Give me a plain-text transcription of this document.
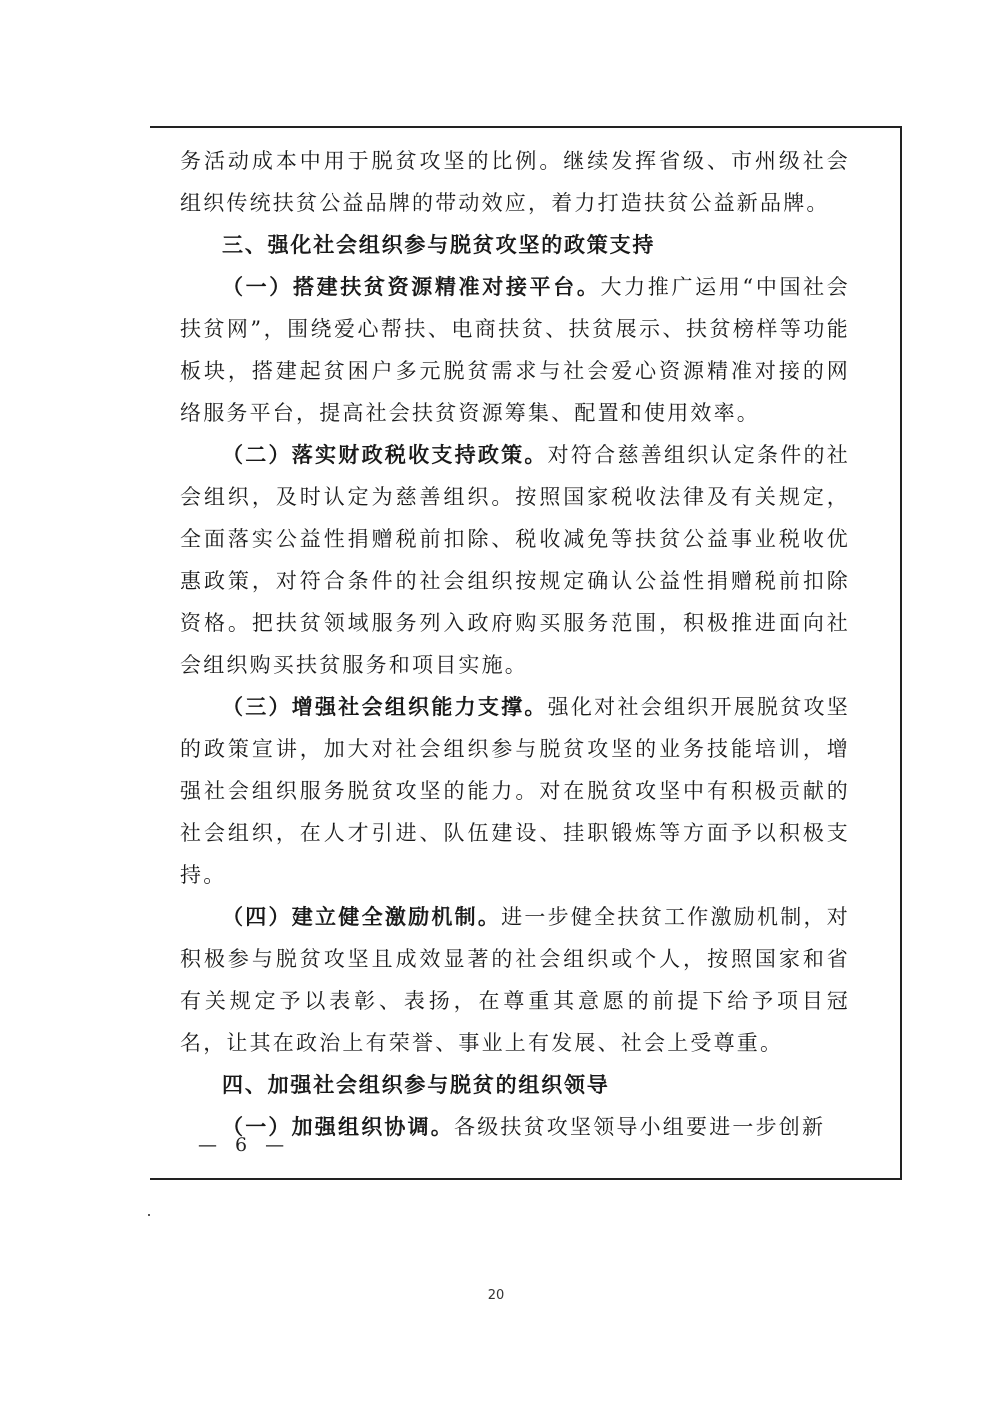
务活动成本中用于脱贫攻坚的比例。继续发挥省级、市州级社会组织传统扶贫公益品牌的带动效应，着力打造扶贫公益新品牌。

三、强化社会组织参与脱贫攻坚的政策支持

（一）搭建扶贫资源精准对接平台。大力推广运用“中国社会扶贫网”，围绕爱心帮扶、电商扶贫、扶贫展示、扶贫榜样等功能板块，搭建起贫困户多元脱贫需求与社会爱心资源精准对接的网络服务平台，提高社会扶贫资源筹集、配置和使用效率。

（二）落实财政税收支持政策。对符合慈善组织认定条件的社会组织，及时认定为慈善组织。按照国家税收法律及有关规定，全面落实公益性捐赠税前扣除、税收减免等扶贫公益事业税收优惠政策，对符合条件的社会组织按规定确认公益性捐赠税前扣除资格。把扶贫领域服务列入政府购买服务范围，积极推进面向社会组织购买扶贫服务和项目实施。

（三）增强社会组织能力支撑。强化对社会组织开展脱贫攻坚的政策宣讲，加大对社会组织参与脱贫攻坚的业务技能培训，增强社会组织服务脱贫攻坚的能力。对在脱贫攻坚中有积极贡献的社会组织，在人才引进、队伍建设、挂职锻炼等方面予以积极支持。

（四）建立健全激励机制。进一步健全扶贫工作激励机制，对积极参与脱贫攻坚且成效显著的社会组织或个人，按照国家和省有关规定予以表彰、表扬，在尊重其意愿的前提下给予项目冠名，让其在政治上有荣誉、事业上有发展、社会上受尊重。

四、加强社会组织参与脱贫的组织领导

（一）加强组织协调。各级扶贫攻坚领导小组要进一步创新

— 6 —
20
